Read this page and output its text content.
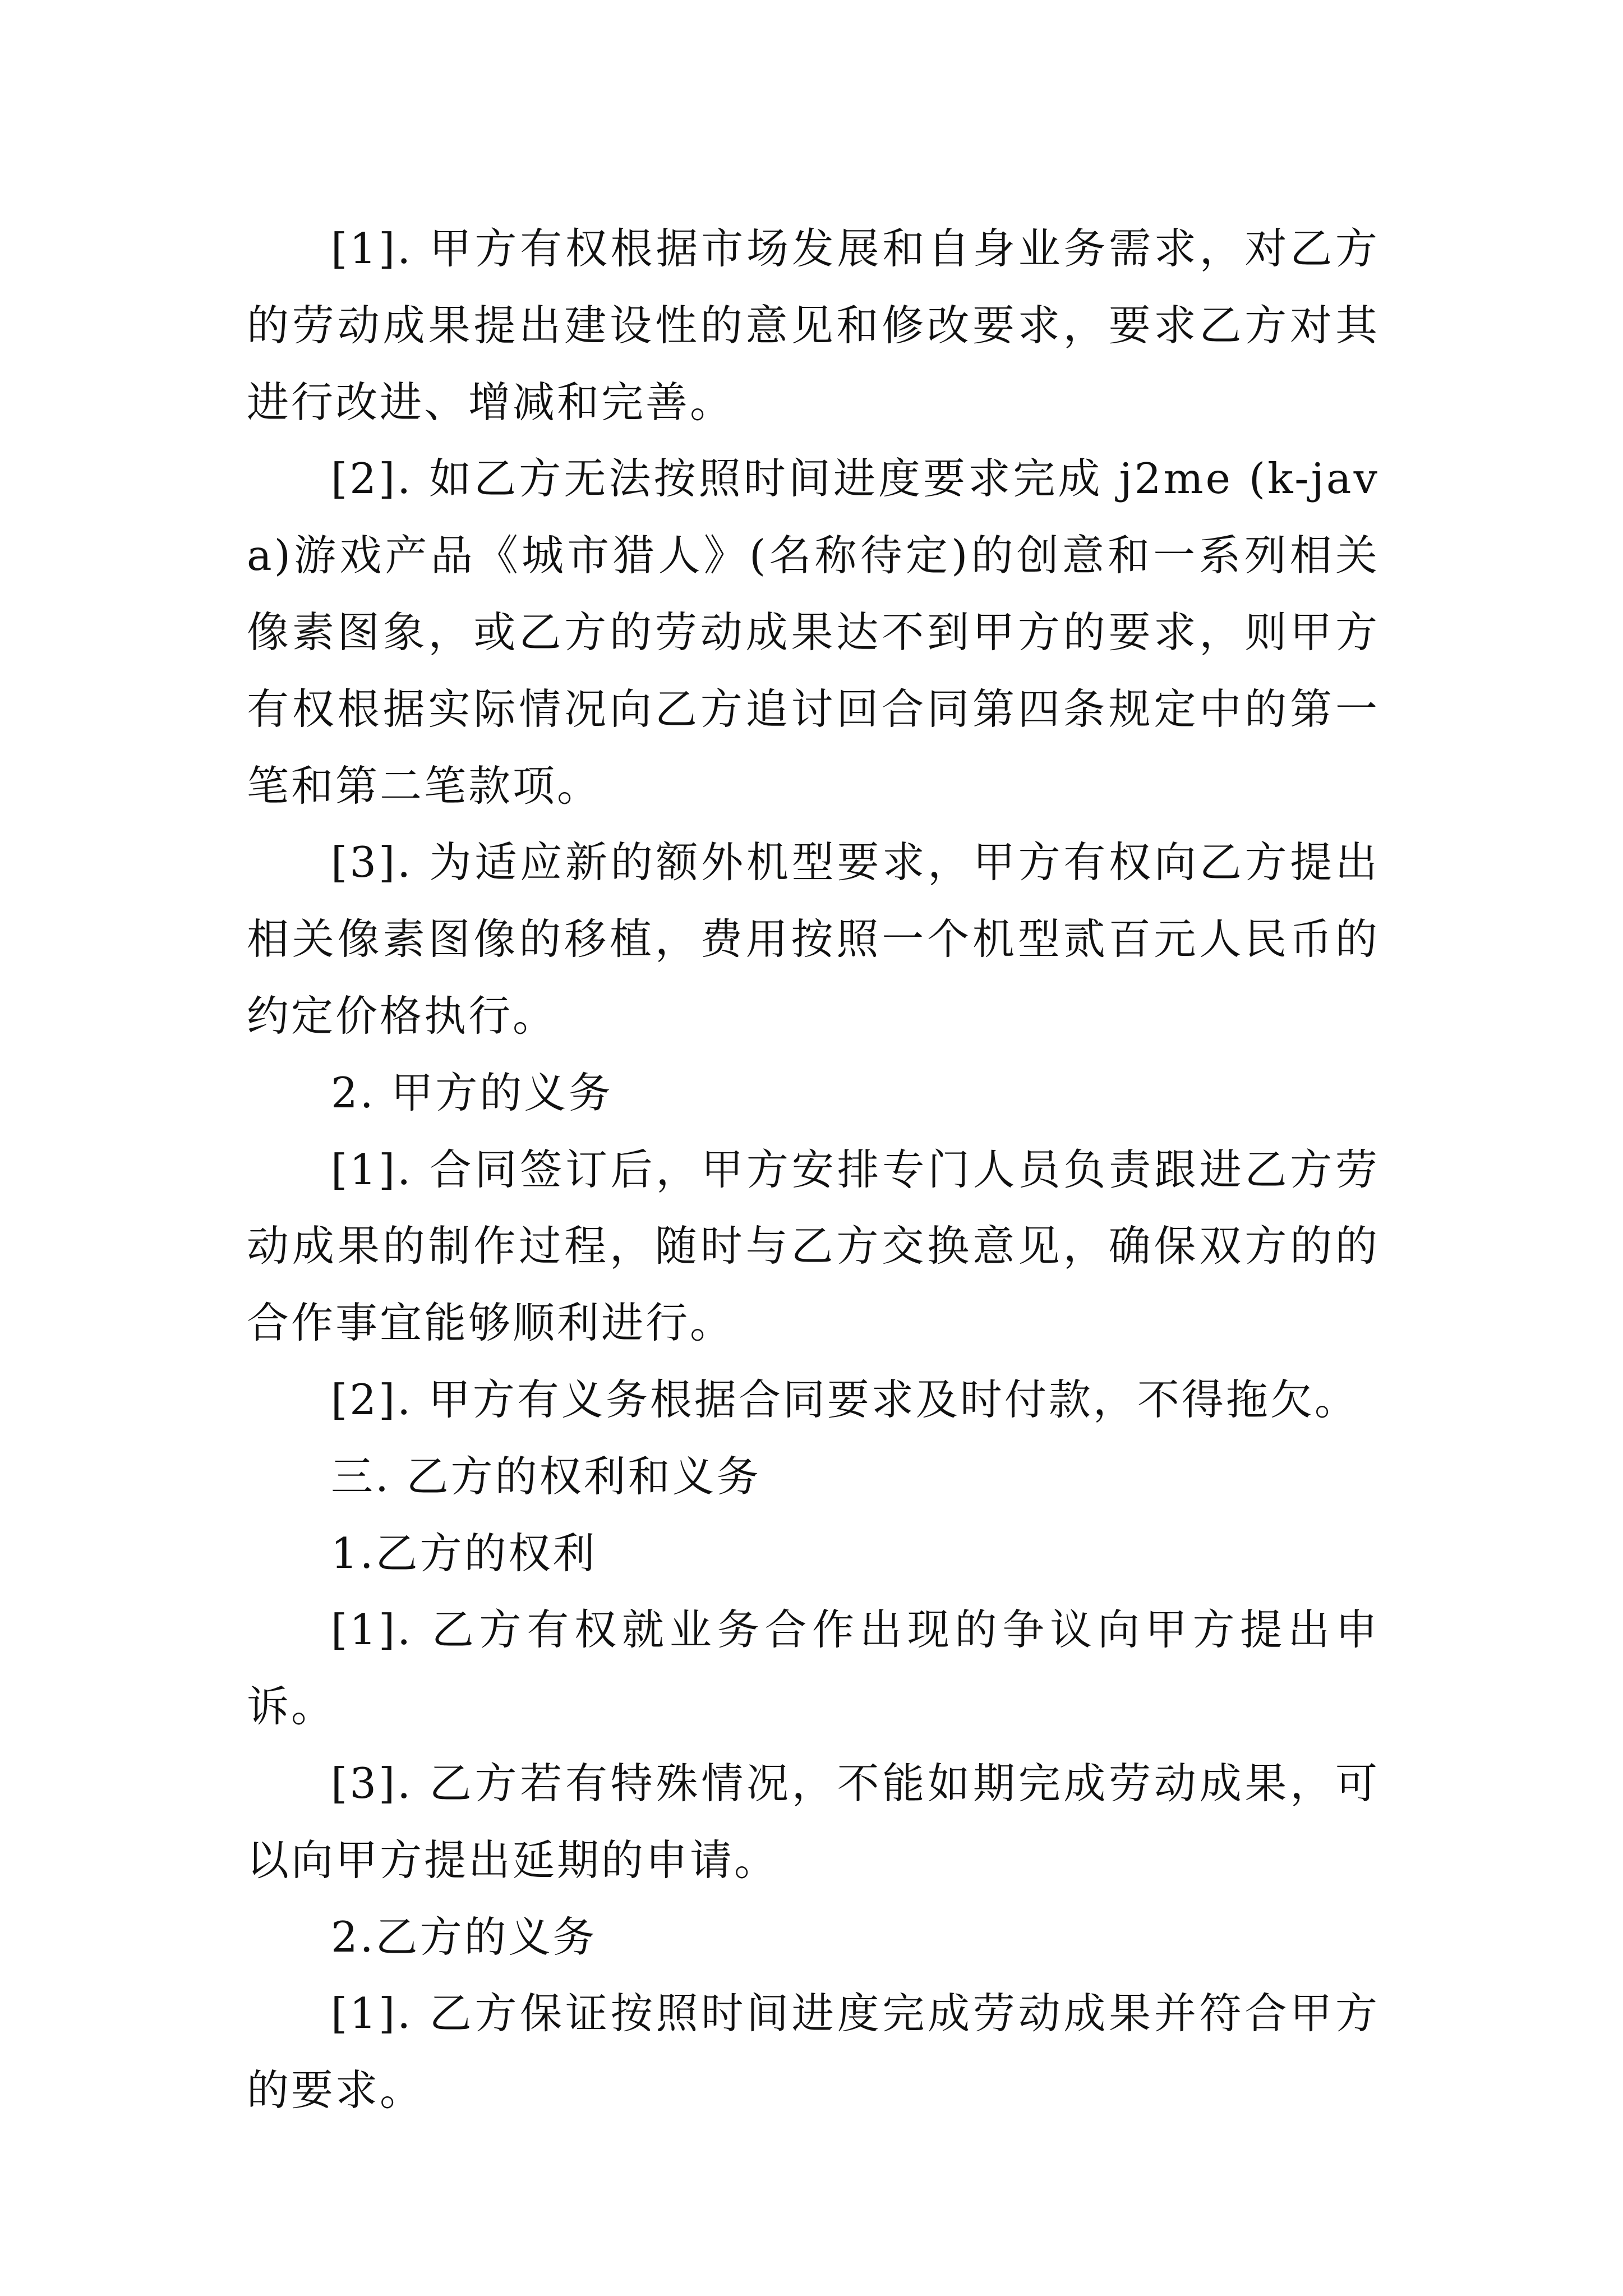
[1]. 甲方有权根据市场发展和自身业务需求，对乙方的劳动成果提出建设性的意见和修改要求，要求乙方对其进行改进、增减和完善。

[2]. 如乙方无法按照时间进度要求完成 j2me (k-java)游戏产品《城市猎人》(名称待定)的创意和一系列相关像素图象，或乙方的劳动成果达不到甲方的要求，则甲方有权根据实际情况向乙方追讨回合同第四条规定中的第一笔和第二笔款项。

[3]. 为适应新的额外机型要求，甲方有权向乙方提出相关像素图像的移植，费用按照一个机型贰百元人民币的约定价格执行。

2. 甲方的义务

[1]. 合同签订后，甲方安排专门人员负责跟进乙方劳动成果的制作过程，随时与乙方交换意见，确保双方的的合作事宜能够顺利进行。

[2]. 甲方有义务根据合同要求及时付款，不得拖欠。

三. 乙方的权利和义务

1.乙方的权利

[1]. 乙方有权就业务合作出现的争议向甲方提出申诉。

[3]. 乙方若有特殊情况，不能如期完成劳动成果，可以向甲方提出延期的申请。

2.乙方的义务

[1]. 乙方保证按照时间进度完成劳动成果并符合甲方的要求。
